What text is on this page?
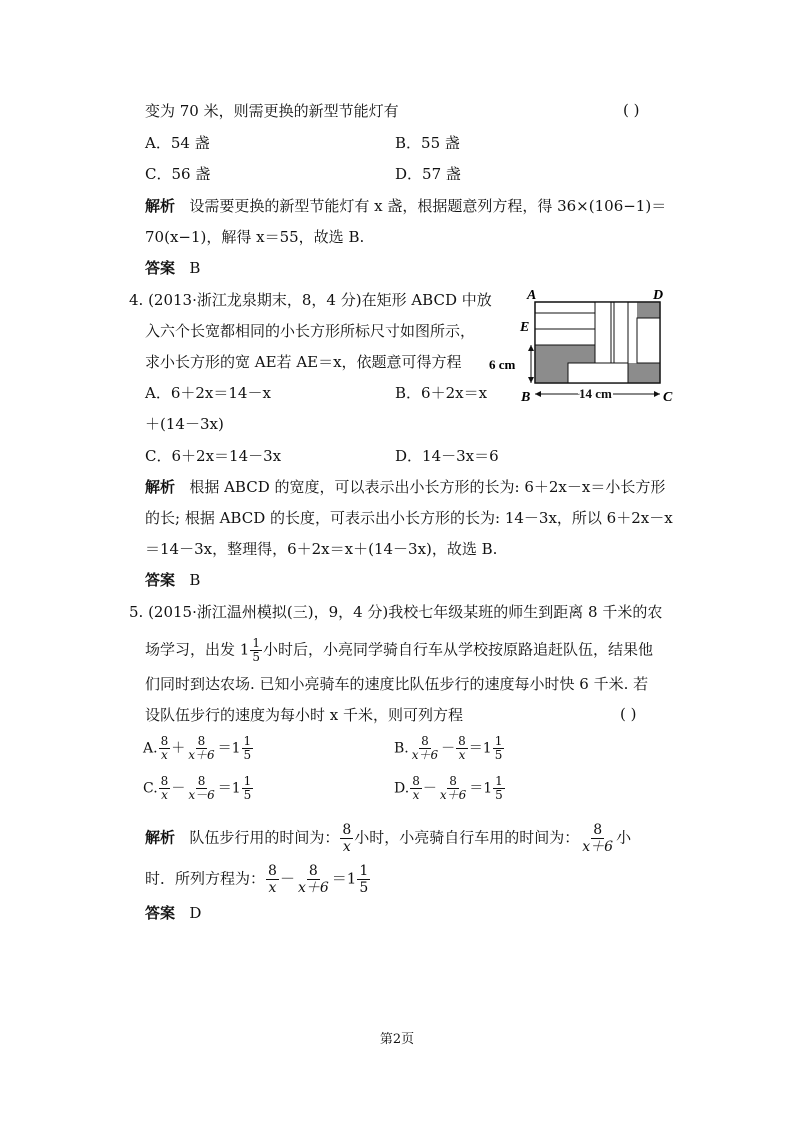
变为 70 米，则需更换的新型节能灯有	( )
A．54 盏	B．55 盏
C．56 盏	D．57 盏
解析 设需要更换的新型节能灯有 x 盏，根据题意列方程，得 36×(106−1)＝
70(x−1)，解得 x＝55，故选 B.
答案 B
4. (2013·浙江龙泉期末，8，4 分)在矩形 ABCD 中放
入六个长宽都相同的小长方形所标尺寸如图所示，
求小长方形的宽 AE若 AE＝x，依题意可得方程
A	D
E
B	C
6 cm
14 cm
A．6＋2x＝14－x	B．6＋2x＝x
＋(14－3x)
C．6＋2x＝14－3x	D．14－3x＝6
解析 根据 ABCD 的宽度，可以表示出小长方形的长为: 6＋2x－x＝小长方形
的长; 根据 ABCD 的长度，可表示出小长方形的长为: 14－3x，所以 6＋2x－x
＝14－3x，整理得，6＋2x＝x＋(14－3x)，故选 B.
答案 B
5. (2015·浙江温州模拟(三)，9，4 分)我校七年级某班的师生到距离 8 千米的农
场学习，出发 $1 \frac{1}{5}$ 小时后，小亮同学骑自行车从学校按原路追赶队伍，结果他
们同时到达农场. 已知小亮骑车的速度比队伍步行的速度每小时快 6 千米. 若
设队伍步行的速度为每小时 x 千米，则可列方程	( )
A. $\frac{8}{x} + \frac{8}{x+6} =1 \frac{1}{5}$	B. $\frac{8}{x+6} - \frac{8}{x} =1 \frac{1}{5}$
C. $\frac{8}{x} - \frac{8}{x-6} =1 \frac{1}{5}$	D. $\frac{8}{x} - \frac{8}{x+6} =1 \frac{1}{5}$
解析 队伍步行用的时间为： $\frac{8}{x}$ 小时，小亮骑自行车用的时间为： $\frac{8}{x+6}$ 小
时．所列方程为： $\frac{8}{x} - \frac{8}{x+6} =1 \frac{1}{5}$
答案 D
第2页
